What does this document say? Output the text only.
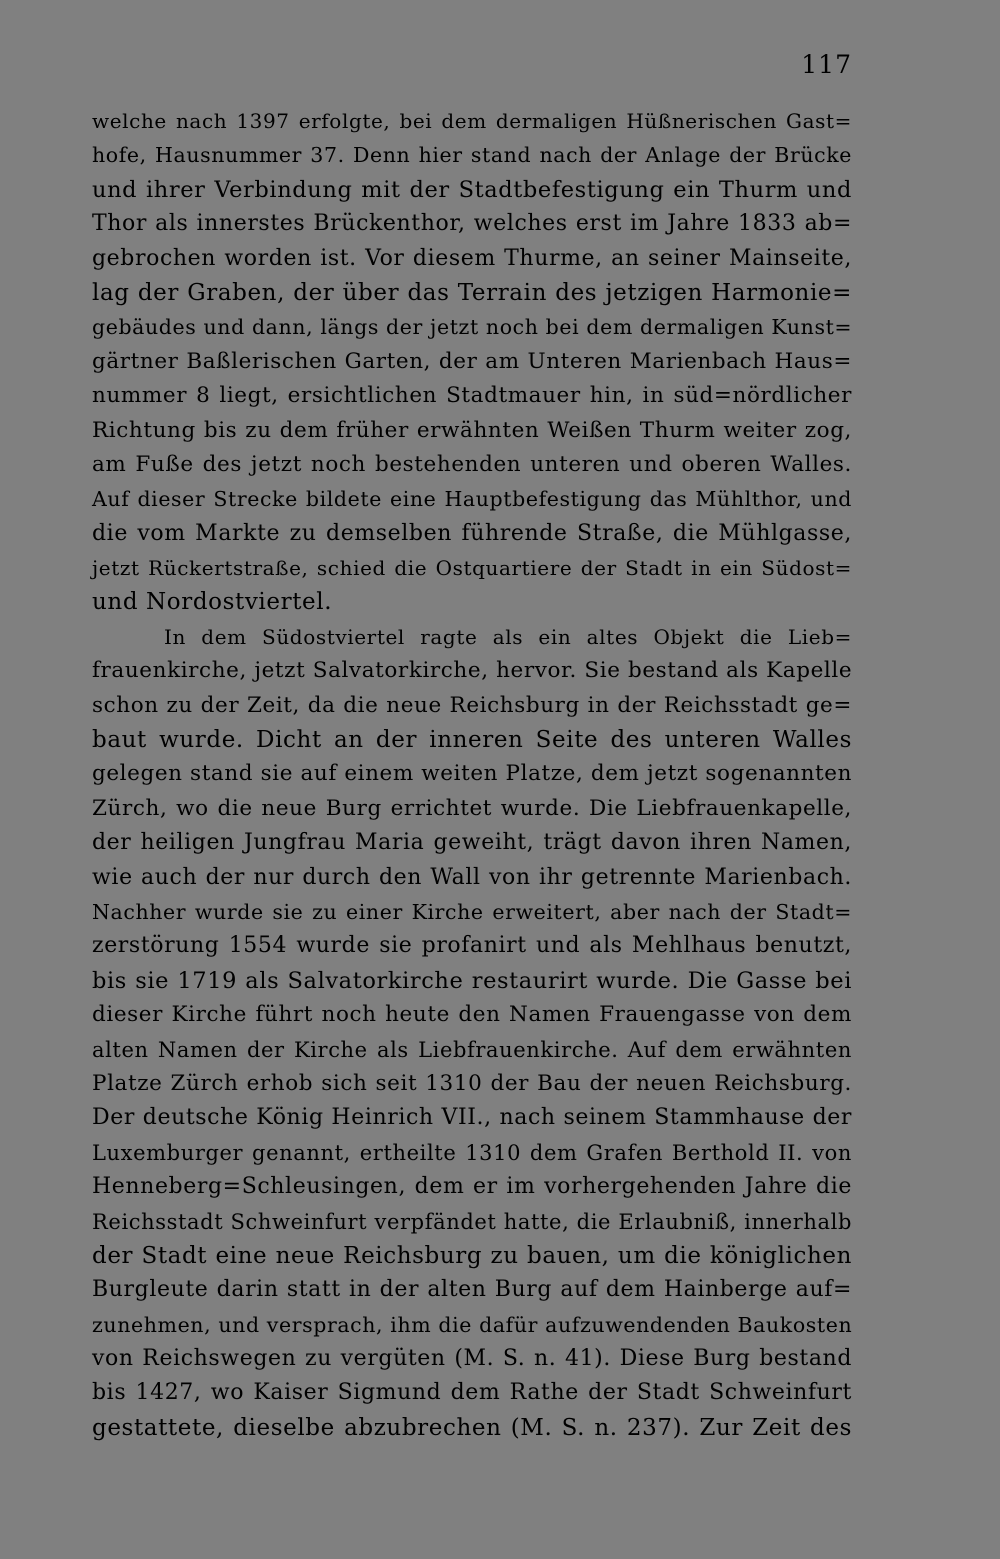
117
welche nach 1397 erfolgte, bei dem dermaligen Hüßnerischen Gast=
hofe, Hausnummer 37. Denn hier stand nach der Anlage der Brücke
und ihrer Verbindung mit der Stadtbefestigung ein Thurm und
Thor als innerstes Brückenthor, welches erst im Jahre 1833 ab=
gebrochen worden ist. Vor diesem Thurme, an seiner Mainseite,
lag der Graben, der über das Terrain des jetzigen Harmonie=
gebäudes und dann, längs der jetzt noch bei dem dermaligen Kunst=
gärtner Baßlerischen Garten, der am Unteren Marienbach Haus=
nummer 8 liegt, ersichtlichen Stadtmauer hin, in süd=nördlicher
Richtung bis zu dem früher erwähnten Weißen Thurm weiter zog,
am Fuße des jetzt noch bestehenden unteren und oberen Walles.
Auf dieser Strecke bildete eine Hauptbefestigung das Mühlthor, und
die vom Markte zu demselben führende Straße, die Mühlgasse,
jetzt Rückertstraße, schied die Ostquartiere der Stadt in ein Südost=
und Nordostviertel.
In dem Südostviertel ragte als ein altes Objekt die Lieb=
frauenkirche, jetzt Salvatorkirche, hervor. Sie bestand als Kapelle
schon zu der Zeit, da die neue Reichsburg in der Reichsstadt ge=
baut wurde. Dicht an der inneren Seite des unteren Walles
gelegen stand sie auf einem weiten Platze, dem jetzt sogenannten
Zürch, wo die neue Burg errichtet wurde. Die Liebfrauenkapelle,
der heiligen Jungfrau Maria geweiht, trägt davon ihren Namen,
wie auch der nur durch den Wall von ihr getrennte Marienbach.
Nachher wurde sie zu einer Kirche erweitert, aber nach der Stadt=
zerstörung 1554 wurde sie profanirt und als Mehlhaus benutzt,
bis sie 1719 als Salvatorkirche restaurirt wurde. Die Gasse bei
dieser Kirche führt noch heute den Namen Frauengasse von dem
alten Namen der Kirche als Liebfrauenkirche. Auf dem erwähnten
Platze Zürch erhob sich seit 1310 der Bau der neuen Reichsburg.
Der deutsche König Heinrich VII., nach seinem Stammhause der
Luxemburger genannt, ertheilte 1310 dem Grafen Berthold II. von
Henneberg=Schleusingen, dem er im vorhergehenden Jahre die
Reichsstadt Schweinfurt verpfändet hatte, die Erlaubniß, innerhalb
der Stadt eine neue Reichsburg zu bauen, um die königlichen
Burgleute darin statt in der alten Burg auf dem Hainberge auf=
zunehmen, und versprach, ihm die dafür aufzuwendenden Baukosten
von Reichswegen zu vergüten (M. S. n. 41). Diese Burg bestand
bis 1427, wo Kaiser Sigmund dem Rathe der Stadt Schweinfurt
gestattete, dieselbe abzubrechen (M. S. n. 237). Zur Zeit des
